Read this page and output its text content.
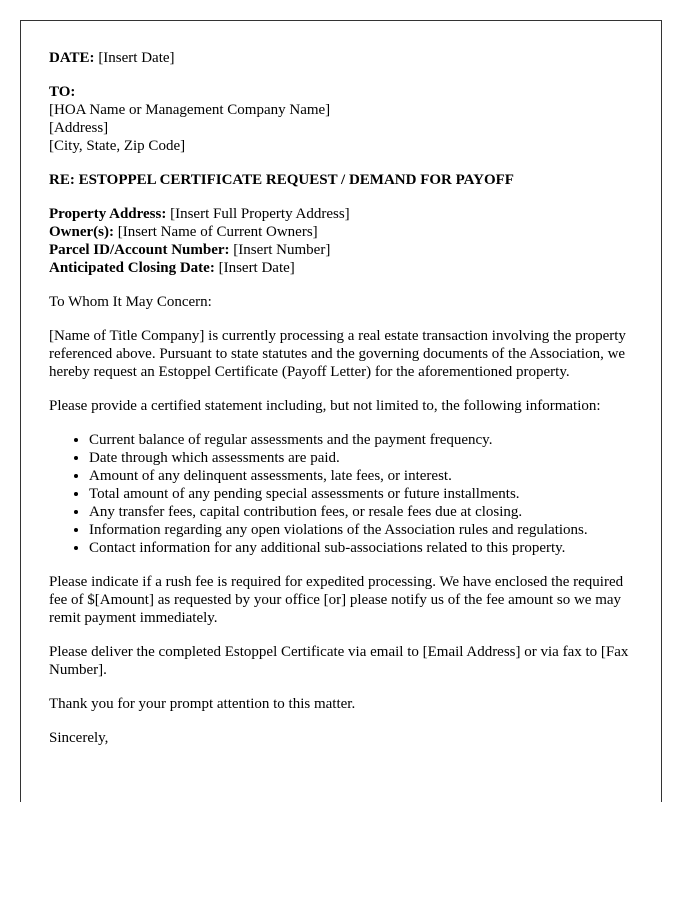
DATE: [Insert Date]

TO:
[HOA Name or Management Company Name]
[Address]
[City, State, Zip Code]

RE: ESTOPPEL CERTIFICATE REQUEST / DEMAND FOR PAYOFF

Property Address: [Insert Full Property Address]
Owner(s): [Insert Name of Current Owners]
Parcel ID/Account Number: [Insert Number]
Anticipated Closing Date: [Insert Date]

To Whom It May Concern:

[Name of Title Company] is currently processing a real estate transaction involving the property referenced above. Pursuant to state statutes and the governing documents of the Association, we hereby request an Estoppel Certificate (Payoff Letter) for the aforementioned property.

Please provide a certified statement including, but not limited to, the following information:

• Current balance of regular assessments and the payment frequency.
• Date through which assessments are paid.
• Amount of any delinquent assessments, late fees, or interest.
• Total amount of any pending special assessments or future installments.
• Any transfer fees, capital contribution fees, or resale fees due at closing.
• Information regarding any open violations of the Association rules and regulations.
• Contact information for any additional sub-associations related to this property.

Please indicate if a rush fee is required for expedited processing. We have enclosed the required fee of $[Amount] as requested by your office [or] please notify us of the fee amount so we may remit payment immediately.

Please deliver the completed Estoppel Certificate via email to [Email Address] or via fax to [Fax Number].

Thank you for your prompt attention to this matter.

Sincerely,
